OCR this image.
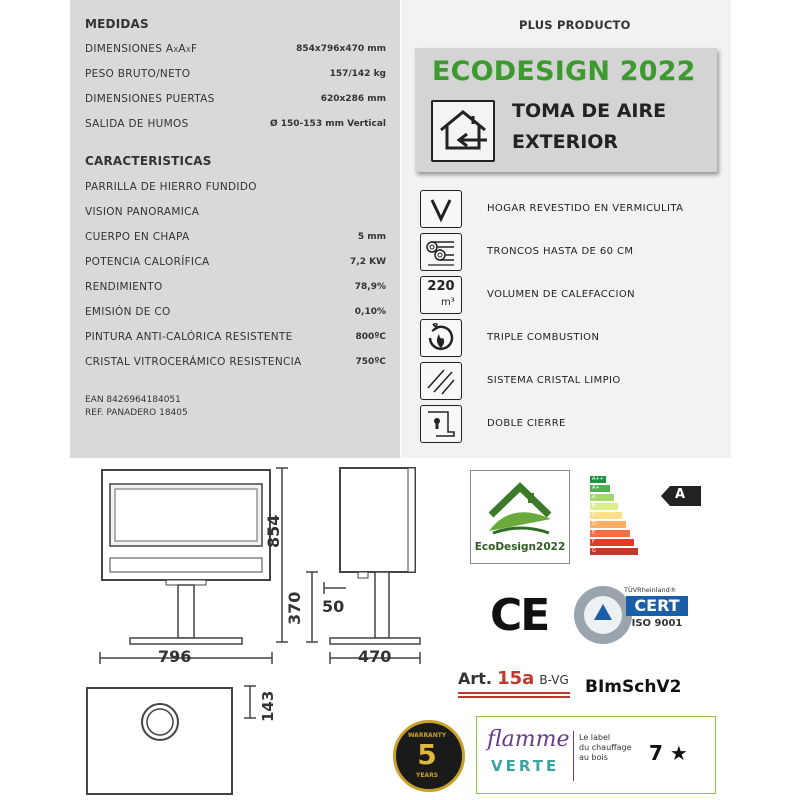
MEDIDAS
DIMENSIONES AxAxF	854x796x470 mm
PESO BRUTO/NETO	157/142 kg
DIMENSIONES PUERTAS	620x286 mm
SALIDA DE HUMOS	Ø 150-153 mm Vertical
CARACTERISTICAS
PARRILLA DE HIERRO FUNDIDO
VISION PANORAMICA
CUERPO EN CHAPA	5 mm
POTENCIA CALORÍFICA	7,2 KW
RENDIMIENTO	78,9%
EMISIÓN DE CO	0,10%
PINTURA ANTI-CALÓRICA RESISTENTE	800ºC
CRISTAL VITROCERÁMICO RESISTENCIA	750ºC
EAN 8426964184051
REF. PANADERO 18405
PLUS PRODUCTO
ECODESIGN 2022
TOMA DE AIRE
EXTERIOR
HOGAR REVESTIDO EN VERMICULITA
TRONCOS HASTA DE 60 CM
220
m³
VOLUMEN DE CALEFACCION
3
TRIPLE COMBUSTION
SISTEMA CRISTAL LIMPIO
DOBLE CIERRE
854
370 50
796	470
143
EcoDesign2022
A++
A+
A
B
C
D
E
F
G
A
CE	TÜVRheinland®
CERT
ISO 9001
Art. 15a B-VG BImSchV2
WARRANTY
5
YEARS
flamme
VERTE
Le label
du chauffage
au bois	7 ★
